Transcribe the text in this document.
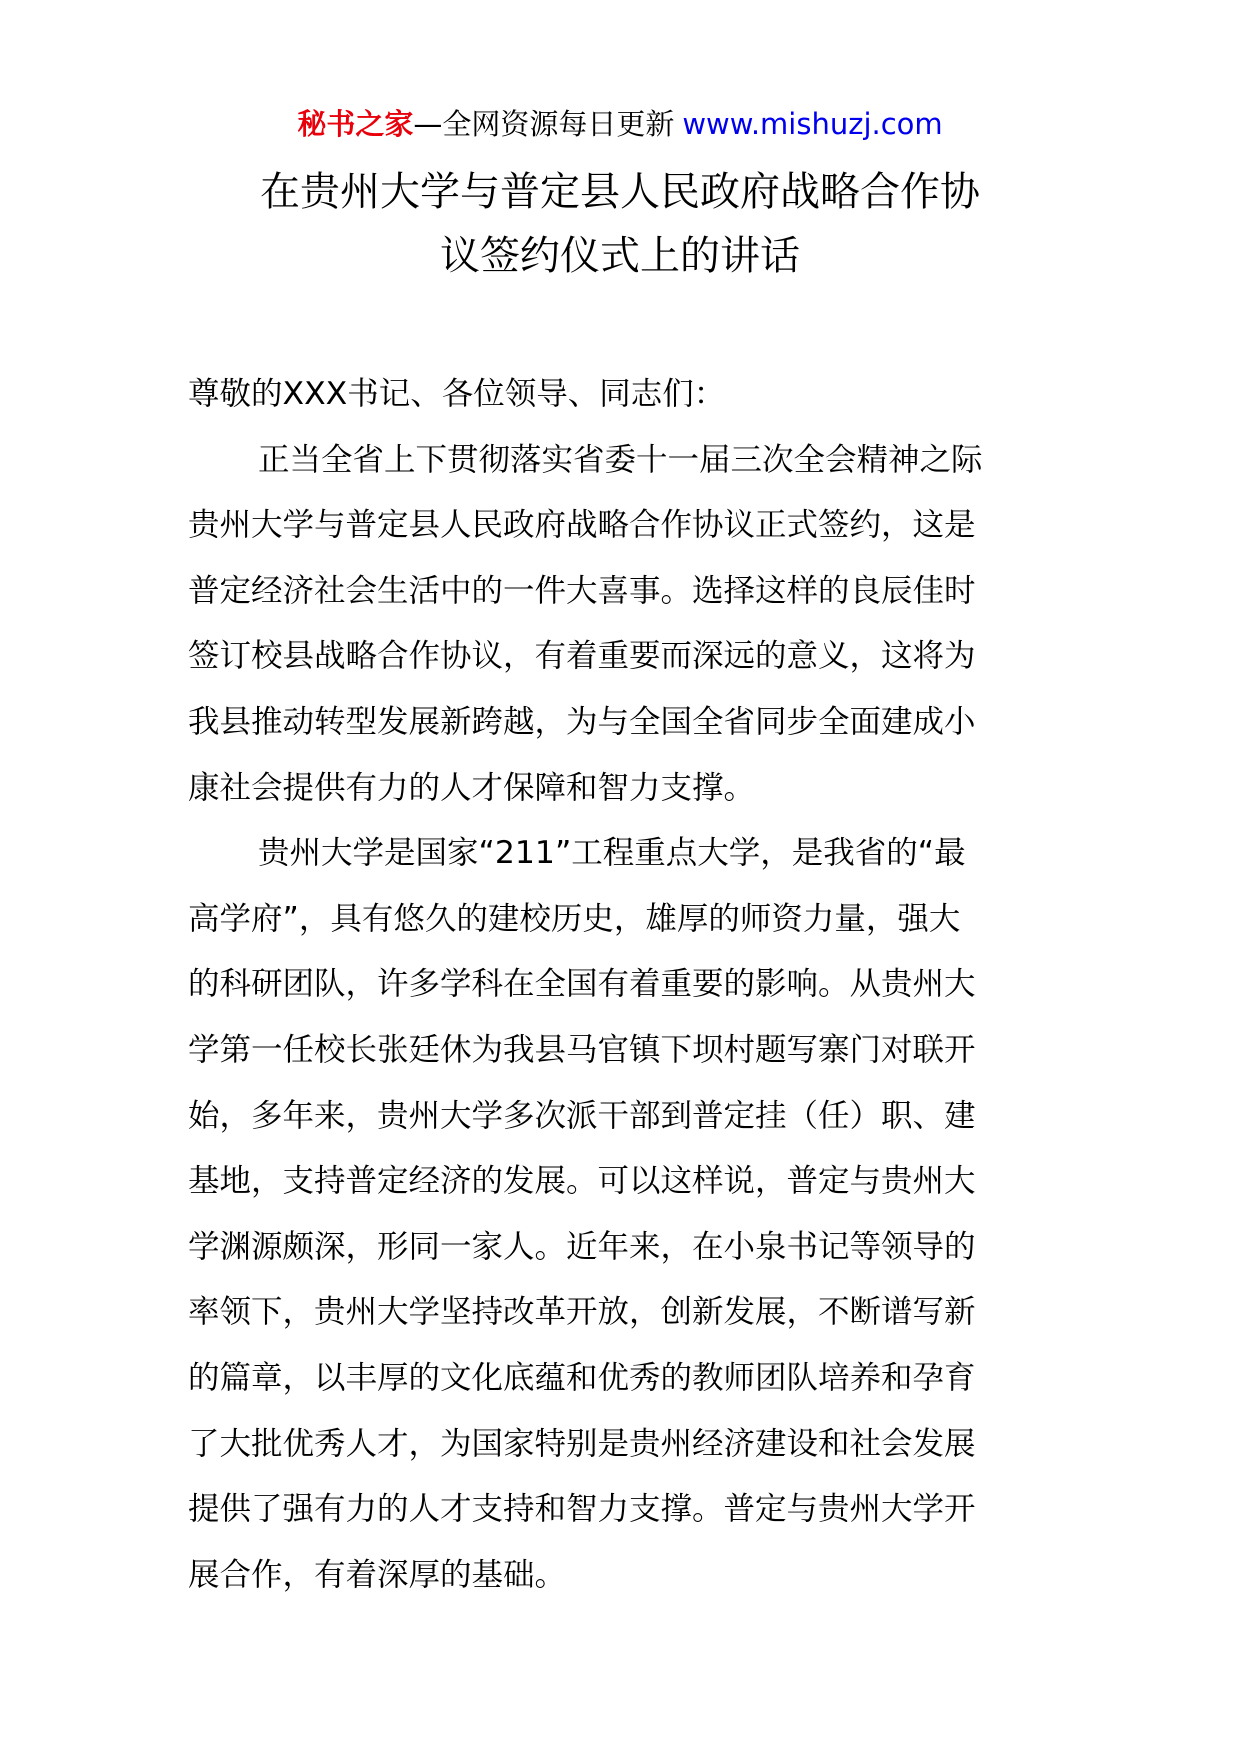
秘书之家—全网资源每日更新 www.mishuzj.com
在贵州大学与普定县人民政府战略合作协
议签约仪式上的讲话

尊敬的XXX书记、各位领导、同志们：

正当全省上下贯彻落实省委十一届三次全会精神之际

贵州大学与普定县人民政府战略合作协议正式签约，这是

普定经济社会生活中的一件大喜事。选择这样的良辰佳时

签订校县战略合作协议，有着重要而深远的意义，这将为

我县推动转型发展新跨越，为与全国全省同步全面建成小

康社会提供有力的人才保障和智力支撑。

贵州大学是国家“211”工程重点大学，是我省的“最

高学府”，具有悠久的建校历史，雄厚的师资力量，强大

的科研团队，许多学科在全国有着重要的影响。从贵州大

学第一任校长张廷休为我县马官镇下坝村题写寨门对联开

始，多年来，贵州大学多次派干部到普定挂（任）职、建

基地，支持普定经济的发展。可以这样说，普定与贵州大

学渊源颇深，形同一家人。近年来，在小泉书记等领导的

率领下，贵州大学坚持改革开放，创新发展，不断谱写新

的篇章，以丰厚的文化底蕴和优秀的教师团队培养和孕育

了大批优秀人才，为国家特别是贵州经济建设和社会发展

提供了强有力的人才支持和智力支撑。普定与贵州大学开

展合作，有着深厚的基础。
